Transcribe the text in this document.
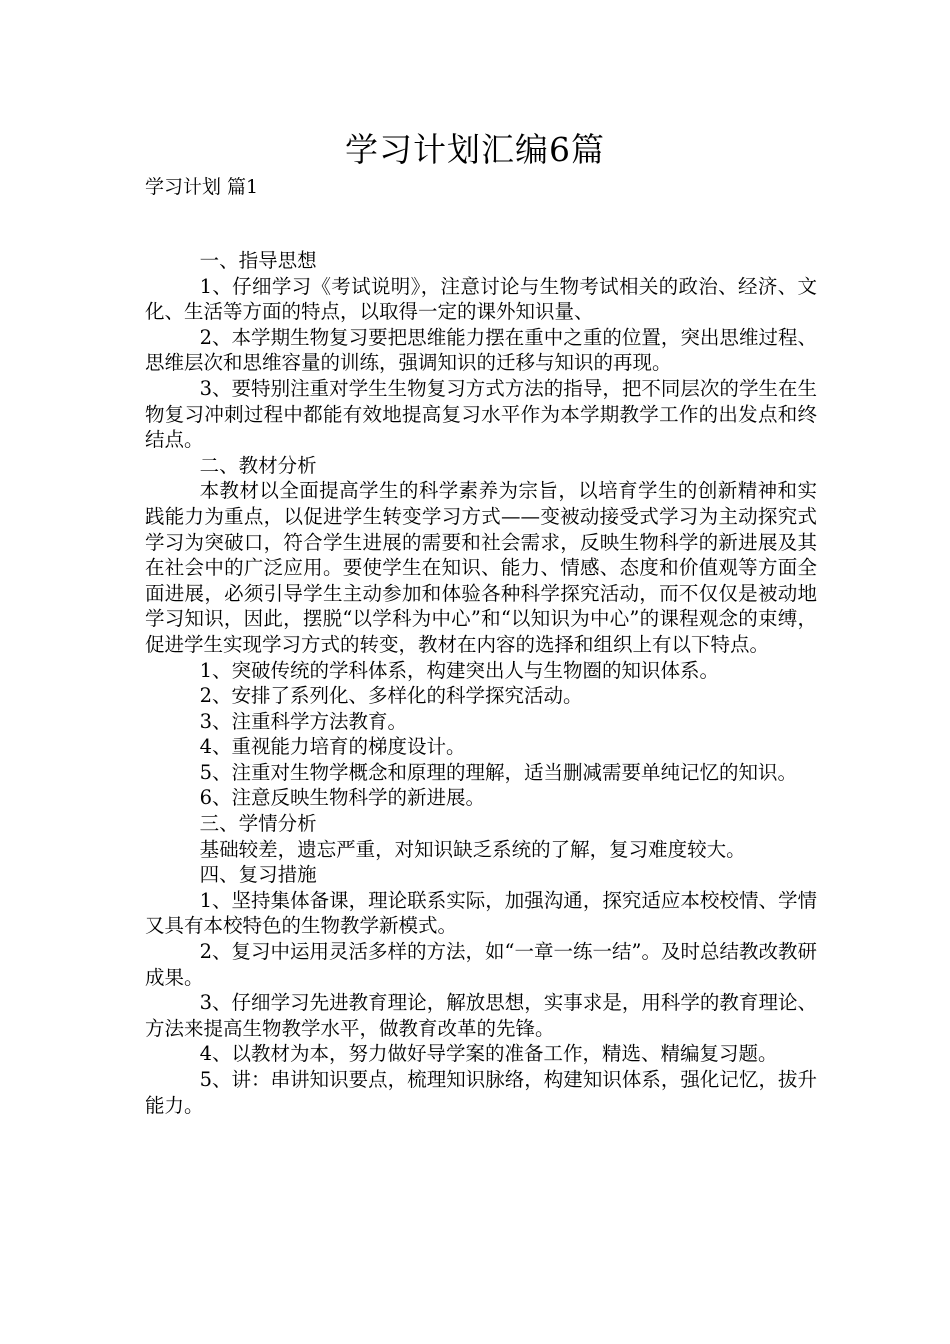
学习计划汇编6篇
学习计划 篇1

一、指导思想

1、仔细学习《考试说明》，注意讨论与生物考试相关的政治、经济、文化、生活等方面的特点，以取得一定的课外知识量、

2、本学期生物复习要把思维能力摆在重中之重的位置，突出思维过程、思维层次和思维容量的训练，强调知识的迁移与知识的再现。

3、要特别注重对学生生物复习方式方法的指导，把不同层次的学生在生物复习冲刺过程中都能有效地提高复习水平作为本学期教学工作的出发点和终结点。

二、教材分析

本教材以全面提高学生的科学素养为宗旨，以培育学生的创新精神和实践能力为重点，以促进学生转变学习方式——变被动接受式学习为主动探究式学习为突破口，符合学生进展的需要和社会需求，反映生物科学的新进展及其在社会中的广泛应用。要使学生在知识、能力、情感、态度和价值观等方面全面进展，必须引导学生主动参加和体验各种科学探究活动，而不仅仅是被动地学习知识，因此，摆脱“以学科为中心”和“以知识为中心”的课程观念的束缚，促进学生实现学习方式的转变，教材在内容的选择和组织上有以下特点。

1、突破传统的学科体系，构建突出人与生物圈的知识体系。

2、安排了系列化、多样化的科学探究活动。

3、注重科学方法教育。

4、重视能力培育的梯度设计。

5、注重对生物学概念和原理的理解，适当删减需要单纯记忆的知识。

6、注意反映生物科学的新进展。

三、学情分析

基础较差，遗忘严重，对知识缺乏系统的了解，复习难度较大。

四、复习措施

1、坚持集体备课，理论联系实际，加强沟通，探究适应本校校情、学情又具有本校特色的生物教学新模式。

2、复习中运用灵活多样的方法，如“一章一练一结”。及时总结教改教研成果。

3、仔细学习先进教育理论，解放思想，实事求是，用科学的教育理论、方法来提高生物教学水平，做教育改革的先锋。

4、以教材为本，努力做好导学案的准备工作，精选、精编复习题。

5、讲：串讲知识要点，梳理知识脉络，构建知识体系，强化记忆，拔升能力。
